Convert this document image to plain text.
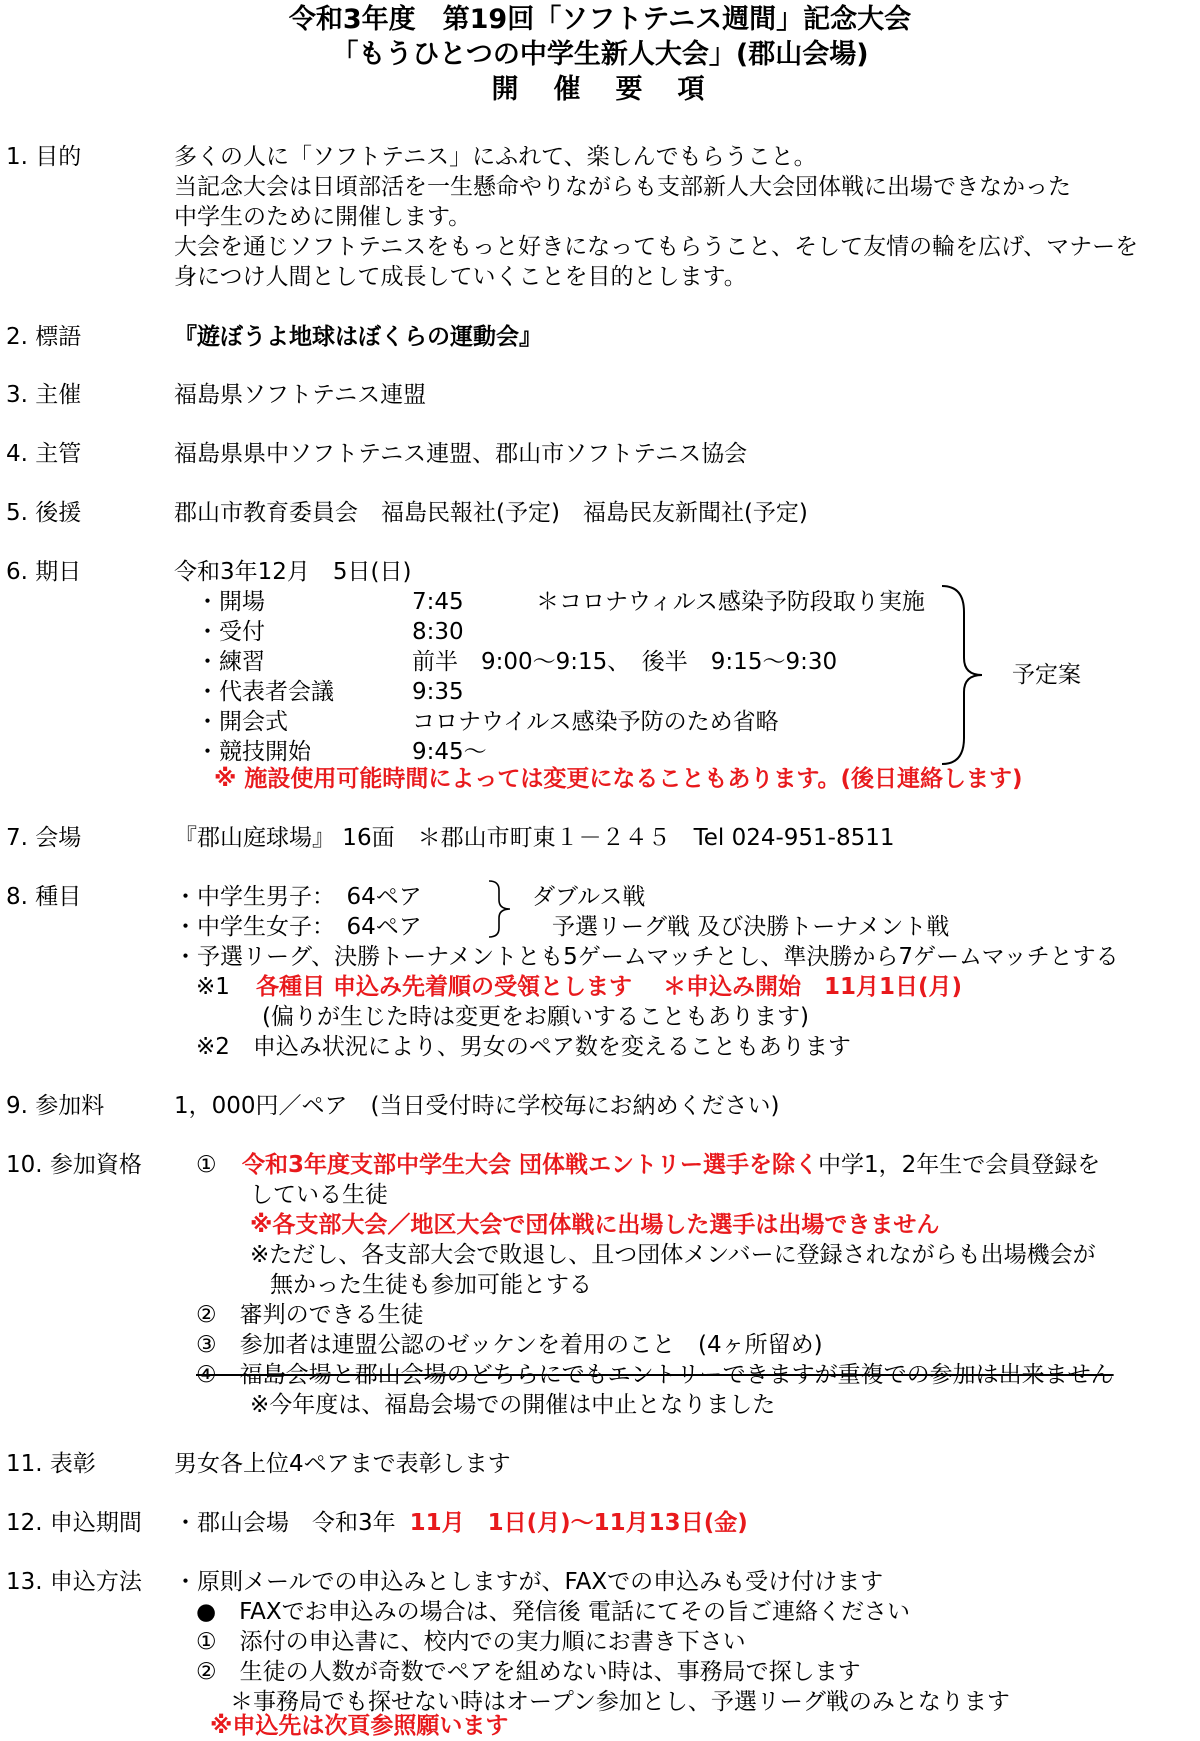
令和3年度　第19回「ソフトテニス週間」記念大会
「もうひとつの中学生新人大会」(郡山会場)
開　催　要　項
1. 目的	多くの人に「ソフトテニス」にふれて、楽しんでもらうこと。
当記念大会は日頃部活を一生懸命やりながらも支部新人大会団体戦に出場できなかった
中学生のために開催します。
大会を通じソフトテニスをもっと好きになってもらうこと、そして友情の輪を広げ、マナーを
身につけ人間として成長していくことを目的とします。
2. 標語	『遊ぼうよ地球はぼくらの運動会』
3. 主催	福島県ソフトテニス連盟
4. 主管	福島県県中ソフトテニス連盟、郡山市ソフトテニス協会
5. 後援	郡山市教育委員会　福島民報社(予定)　福島民友新聞社(予定)
6. 期日	令和3年12月　5日(日)
・開場	7:45	＊コロナウィルス感染予防段取り実施
・受付	8:30
・練習	前半　9:00〜9:15、　後半　9:15〜9:30
・代表者会議	9:35
・開会式	コロナウイルス感染予防のため省略
・競技開始	9:45〜
予定案
※ 施設使用可能時間によっては変更になることもあります。(後日連絡します)
7. 会場	『郡山庭球場』 16面　＊郡山市町東１－２４５　Tel 024-951-8511
8. 種目	・中学生男子：　64ペア
・中学生女子：　64ペア
ダブルス戦
予選リーグ戦 及び決勝トーナメント戦
・予選リーグ、決勝トーナメントとも5ゲームマッチとし、準決勝から7ゲームマッチとする
※1 各種目 申込み先着順の受領とします　 ＊申込み開始　11月1日(月)
(偏りが生じた時は変更をお願いすることもあります)
※2　申込み状況により、男女のペア数を変えることもあります
9. 参加料	1，000円／ペア　(当日受付時に学校毎にお納めください)
10. 参加資格 ① 令和3年度支部中学生大会 団体戦エントリー選手を除く中学1，2年生で会員登録を
している生徒
※各支部大会／地区大会で団体戦に出場した選手は出場できません
※ただし、各支部大会で敗退し、且つ団体メンバーに登録されながらも出場機会が
無かった生徒も参加可能とする
②　審判のできる生徒
③　参加者は連盟公認のゼッケンを着用のこと　(4ヶ所留め)
④　福島会場と郡山会場のどちらにでもエントリーできますが重複での参加は出来ません
※今年度は、福島会場での開催は中止となりました
11. 表彰	男女各上位4ペアまで表彰します
12. 申込期間 ・郡山会場　令和3年 11月　1日(月)〜11月13日(金)
13. 申込方法 ・原則メールでの申込みとしますが、FAXでの申込みも受け付けます
●　FAXでお申込みの場合は、発信後 電話にてその旨ご連絡ください
①　添付の申込書に、校内での実力順にお書き下さい
②　生徒の人数が奇数でペアを組めない時は、事務局で探します
＊事務局でも探せない時はオープン参加とし、予選リーグ戦のみとなります
※申込先は次頁参照願います
